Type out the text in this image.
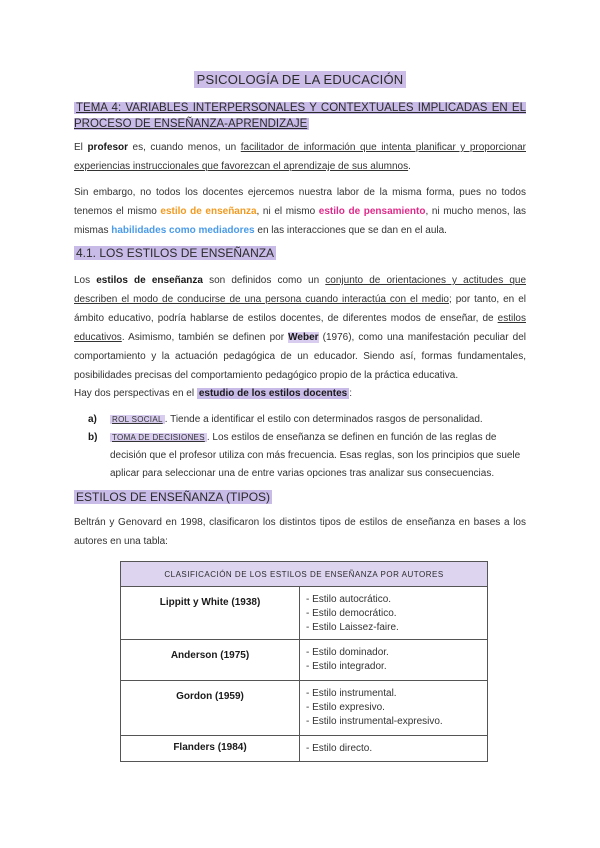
PSICOLOGÍA DE LA EDUCACIÓN
TEMA 4: VARIABLES INTERPERSONALES Y CONTEXTUALES IMPLICADAS EN EL PROCESO DE ENSEÑANZA-APRENDIZAJE

El profesor es, cuando menos, un facilitador de información que intenta planificar y proporcionar experiencias instruccionales que favorezcan el aprendizaje de sus alumnos.

Sin embargo, no todos los docentes ejercemos nuestra labor de la misma forma, pues no todos tenemos el mismo estilo de enseñanza, ni el mismo estilo de pensamiento, ni mucho menos, las mismas habilidades como mediadores en las interacciones que se dan en el aula.

4.1. LOS ESTILOS DE ENSEÑANZA

Los estilos de enseñanza son definidos como un conjunto de orientaciones y actitudes que describen el modo de conducirse de una persona cuando interactúa con el medio; por tanto, en el ámbito educativo, podría hablarse de estilos docentes, de diferentes modos de enseñar, de estilos educativos. Asimismo, también se definen por Weber (1976), como una manifestación peculiar del comportamiento y la actuación pedagógica de un educador. Siendo así, formas fundamentales, posibilidades precisas del comportamiento pedagógico propio de la práctica educativa.

Hay dos perspectivas en el estudio de los estilos docentes :

a) ROL SOCIAL . Tiende a identificar el estilo con determinados rasgos de personalidad.
b) TOMA DE DECISIONES . Los estilos de enseñanza se definen en función de las reglas de decisión que el profesor utiliza con más frecuencia. Esas reglas, son los principios que suele aplicar para seleccionar una de entre varias opciones tras analizar sus consecuencias.
ESTILOS DE ENSEÑANZA (TIPOS)

Beltrán y Genovard en 1998, clasificaron los distintos tipos de estilos de enseñanza en bases a los autores en una tabla:

CLASIFICACIÓN DE LOS ESTILOS DE ENSEÑANZA POR AUTORES	
Lippitt y White (1938)	- Estilo autocrático.
- Estilo democrático.
- Estilo Laissez-faire.

Anderson (1975)	- Estilo dominador.
- Estilo integrador.

Gordon (1959)	- Estilo instrumental.
- Estilo expresivo.
- Estilo instrumental-expresivo.

Flanders (1984)	- Estilo directo.
